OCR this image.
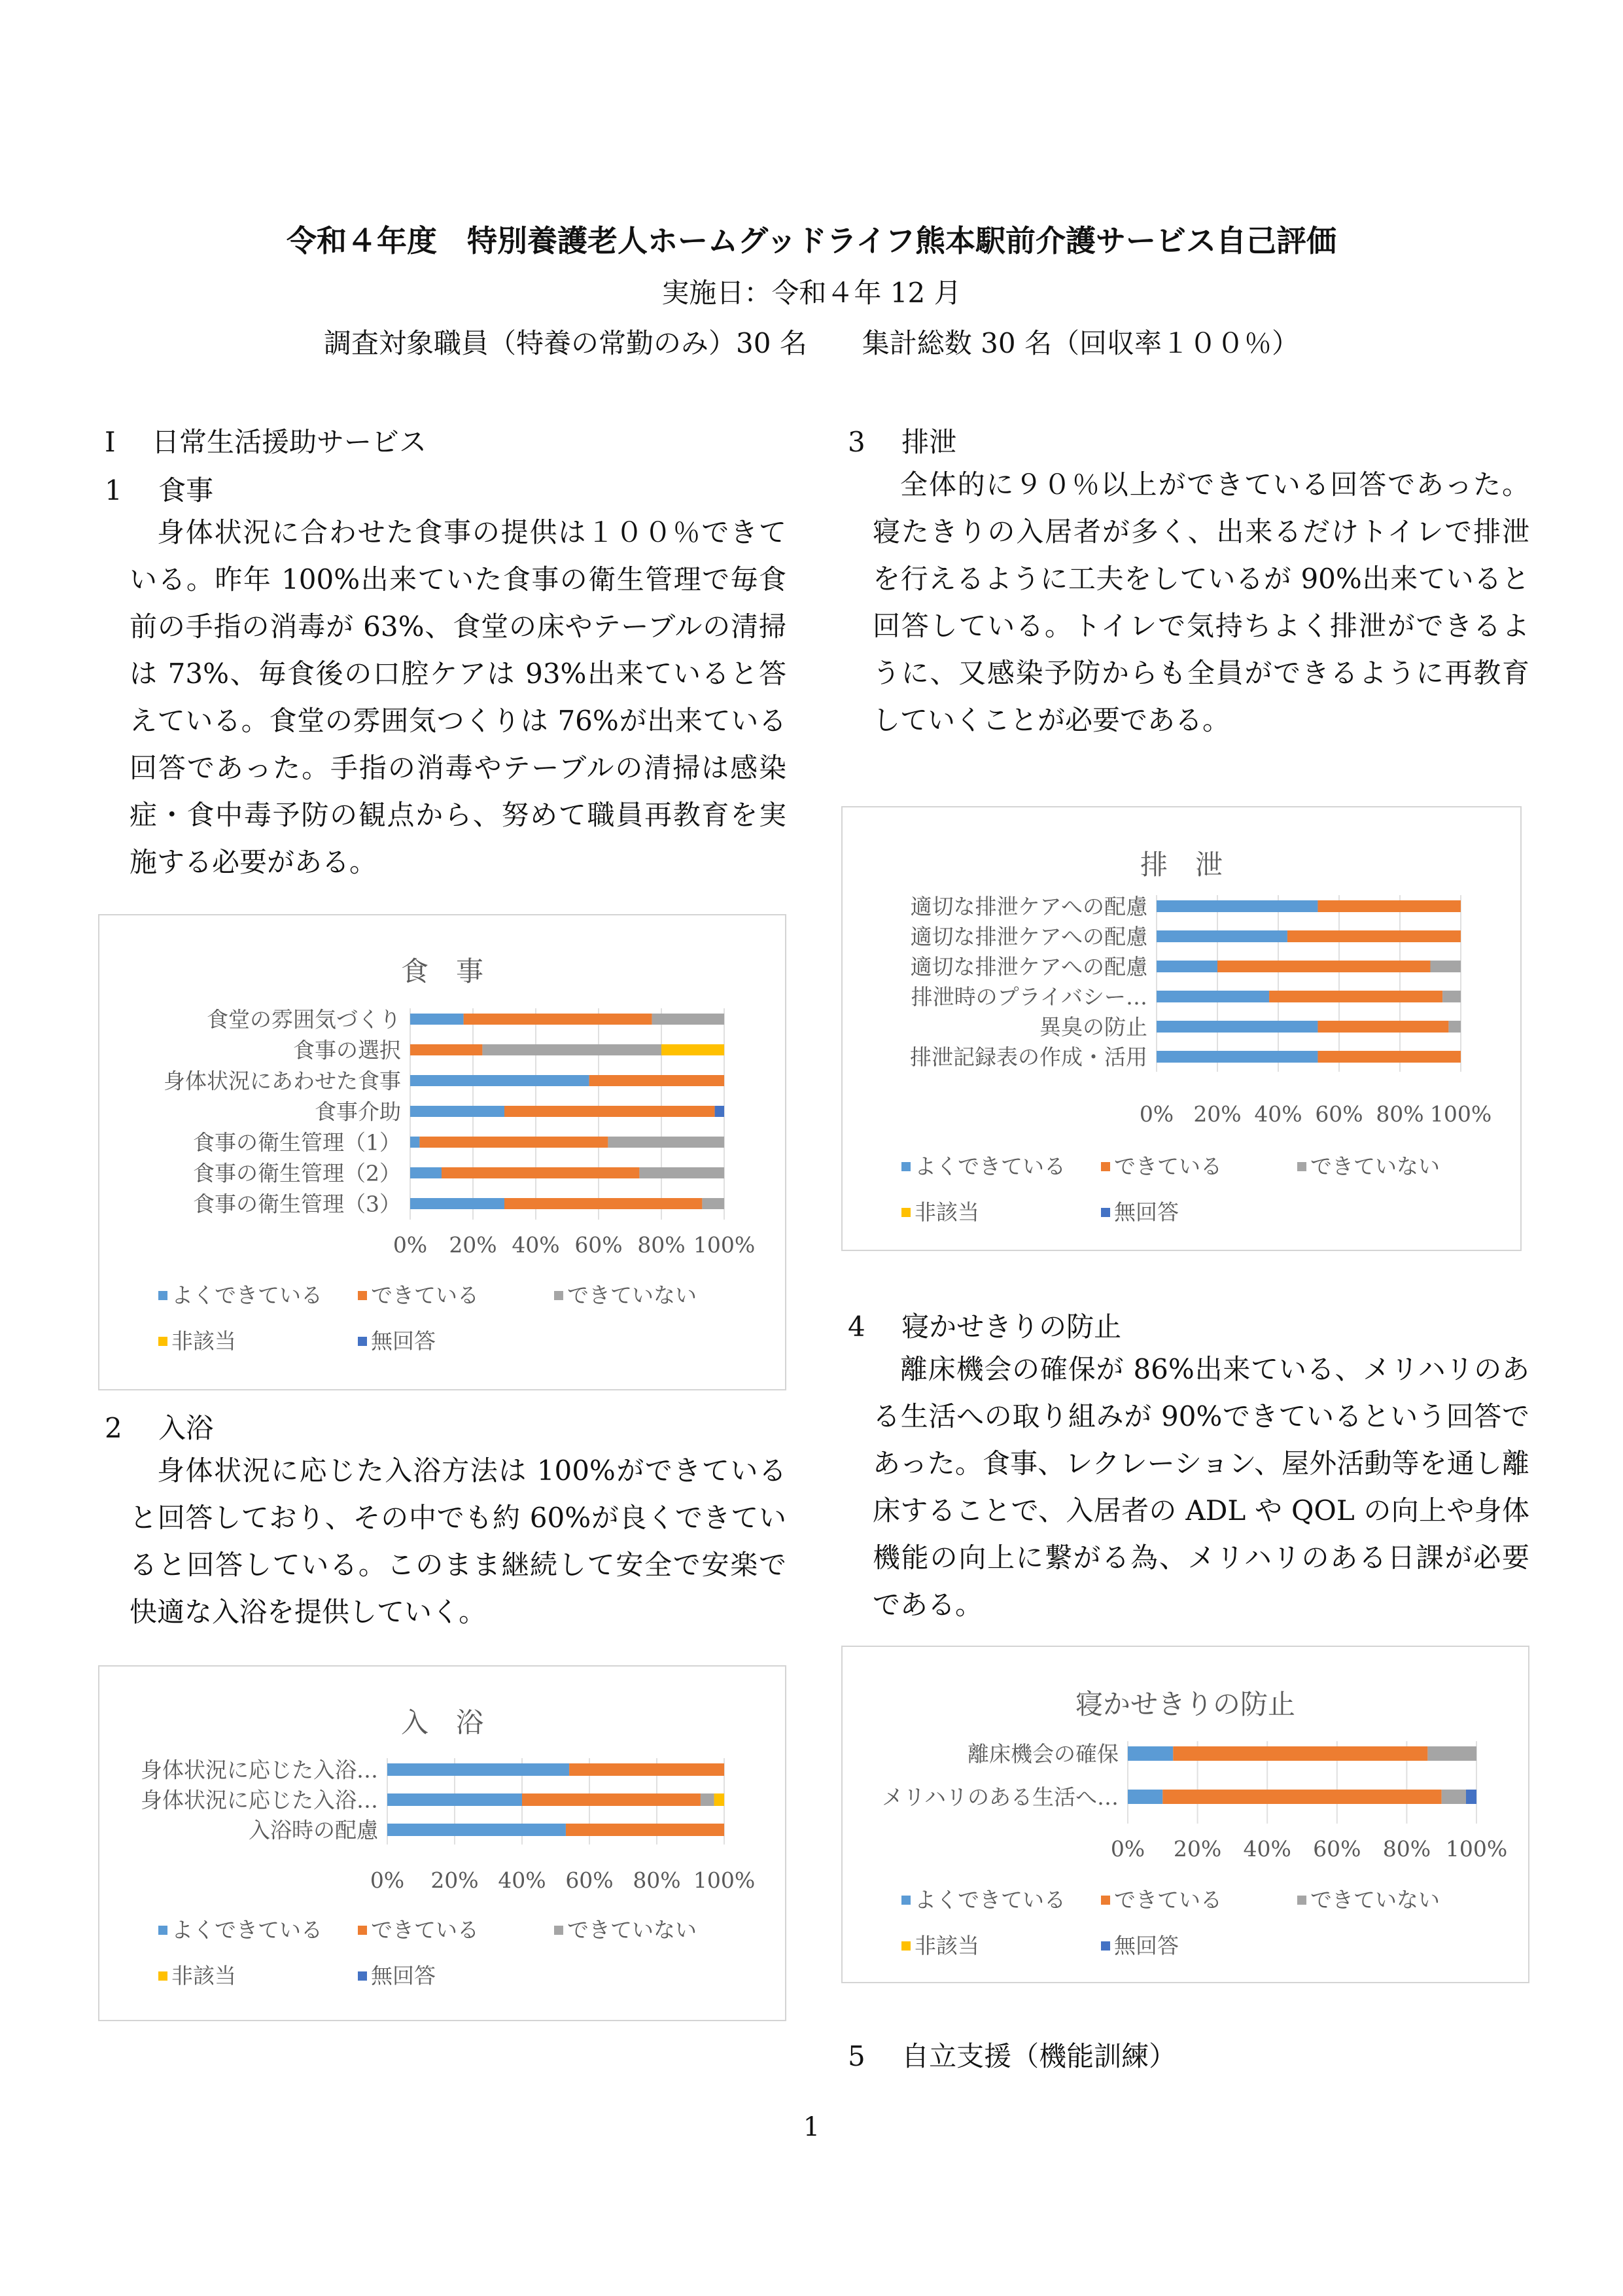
令和４年度　特別養護老人ホームグッドライフ熊本駅前介護サービス自己評価
実施日：令和４年 12 月
調査対象職員（特養の常勤のみ）30 名　　集計総数 30 名（回収率１００％）
Ⅰ　 日常生活援助サービス
1　 食事

身体状況に合わせた食事の提供は１００％できている。昨年 100%出来ていた食事の衛生管理で毎食前の手指の消毒が 63%、食堂の床やテーブルの清掃は 73%、毎食後の口腔ケアは 93%出来ていると答えている。食堂の雰囲気つくりは 76%が出来ている回答であった。手指の消毒やテーブルの清掃は感染症・食中毒予防の観点から、努めて職員再教育を実施する必要がある。

食　事
0% 20% 40% 60% 80% 100%
食堂の雰囲気づくり
食事の選択
身体状況にあわせた食事
食事介助
食事の衛生管理（1）
食事の衛生管理（2）
食事の衛生管理（3）
よくできている できている	できていない
非該当	無回答
2　 入浴

身体状況に応じた入浴方法は 100%ができていると回答しており、その中でも約 60%が良くできていると回答している。このまま継続して安全で安楽で快適な入浴を提供していく。

入　浴
0% 20% 40% 60% 80% 100%
身体状況に応じた入浴…
身体状況に応じた入浴…
入浴時の配慮
よくできている できている	できていない
非該当	無回答
3　 排泄

全体的に９０％以上ができている回答であった。寝たきりの入居者が多く、出来るだけトイレで排泄を行えるように工夫をしているが 90%出来ていると回答している。トイレで気持ちよく排泄ができるように、又感染予防からも全員ができるように再教育していくことが必要である。

排　泄
0% 20% 40% 60% 80% 100%
適切な排泄ケアへの配慮
適切な排泄ケアへの配慮
適切な排泄ケアへの配慮
排泄時のプライバシー…
異臭の防止
排泄記録表の作成・活用
よくできている できている	できていない
非該当	無回答
4　 寝かせきりの防止

離床機会の確保が 86%出来ている、メリハリのある生活への取り組みが 90%できているという回答であった。食事、レクレーション、屋外活動等を通し離床することで、入居者の ADL や QOL の向上や身体機能の向上に繋がる為、メリハリのある日課が必要である。

寝かせきりの防止
0% 20% 40% 60% 80% 100%
離床機会の確保
メリハリのある生活へ…
よくできている できている	できていない
非該当	無回答
5　 自立支援（機能訓練）
1
